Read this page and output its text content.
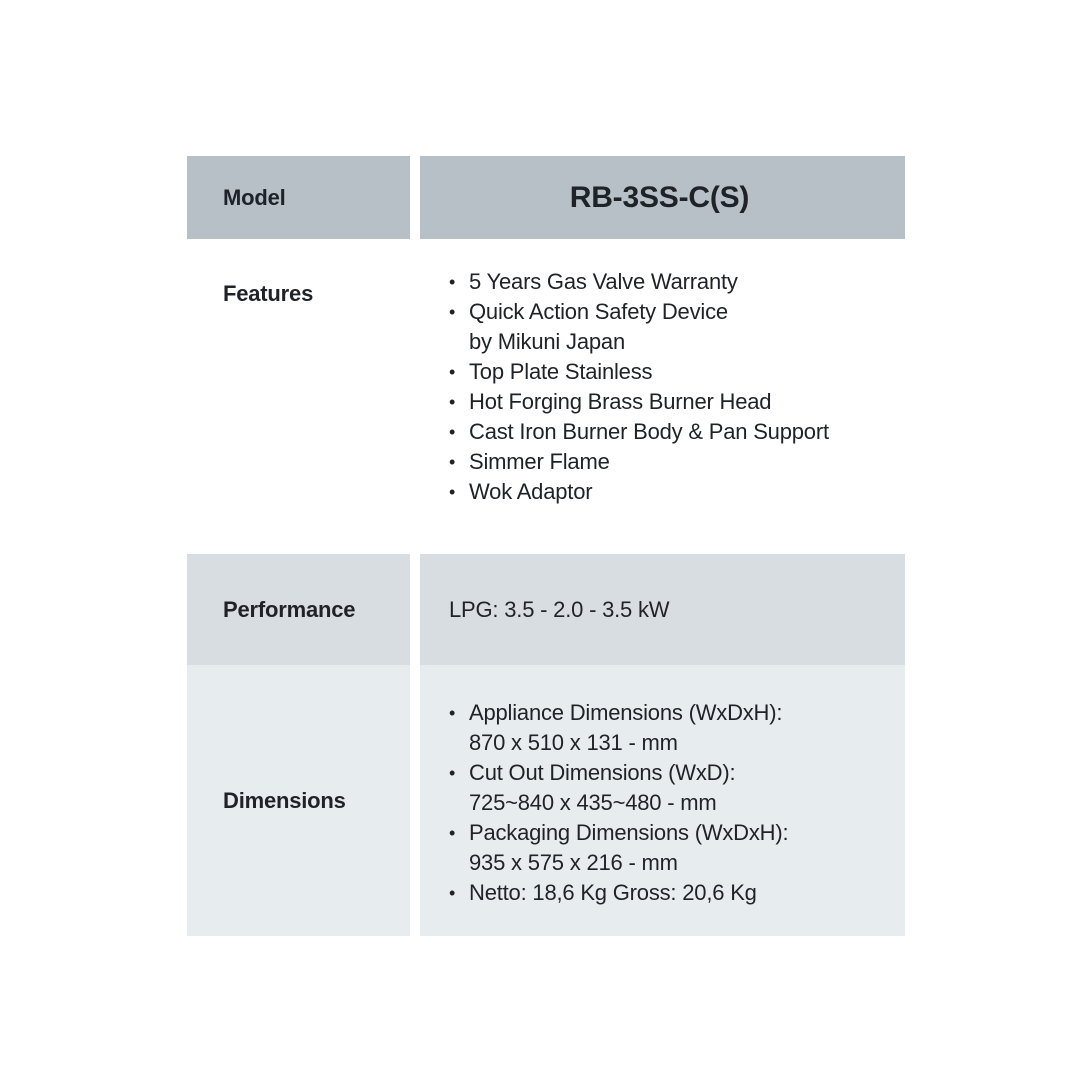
Model	RB-3SS-C(S)
Features
•	5 Years Gas Valve Warranty
• Quick Action Safety Device
by Mikuni Japan
• Top Plate Stainless
• Hot Forging Brass Burner Head
• Cast Iron Burner Body & Pan Support
• Simmer Flame
• Wok Adaptor
Performance	LPG: 3.5 - 2.0 - 3.5 kW
Dimensions
• Appliance Dimensions (WxDxH):
870 x 510 x 131 - mm
• Cut Out Dimensions (WxD):
725~840 x 435~480 - mm
• Packaging Dimensions (WxDxH):
935 x 575 x 216 - mm
• Netto: 18,6 Kg Gross: 20,6 Kg
